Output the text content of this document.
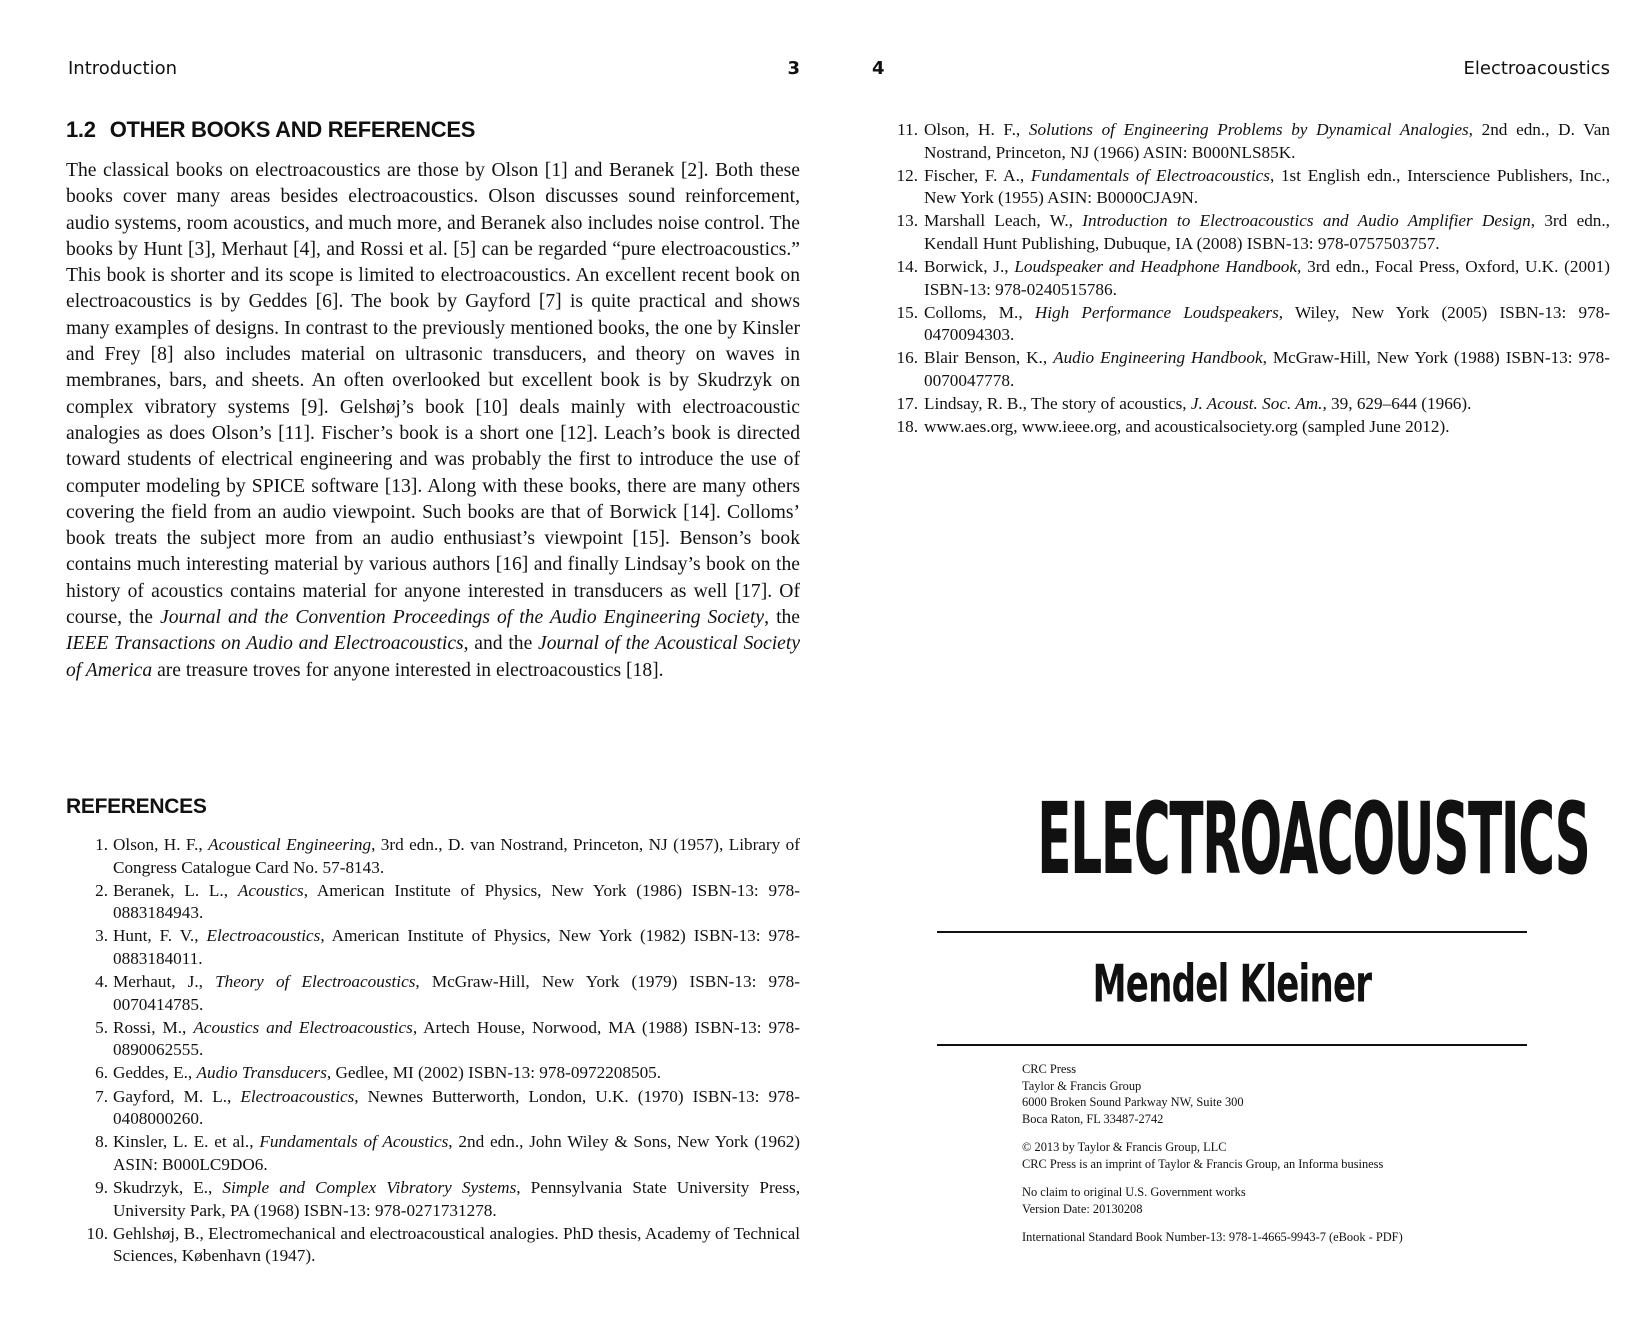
Introduction	3
1.2 OTHER BOOKS AND REFERENCES

The classical books on electroacoustics are those by Olson [1] and Beranek [2]. Both these books cover many areas besides electroacoustics. Olson discusses sound reinforcement, audio systems, room acoustics, and much more, and Beranek also includes noise control. The books by Hunt [3], Merhaut [4], and Rossi et al. [5] can be regarded “pure electroacoustics.” This book is shorter and its scope is limited to electroacoustics. An excellent recent book on electroacoustics is by Geddes [6]. The book by Gayford [7] is quite practical and shows many examples of designs. In contrast to the previously mentioned books, the one by Kinsler and Frey [8] also includes material on ultrasonic transducers, and theory on waves in membranes, bars, and sheets. An often overlooked but excellent book is by Skudrzyk on complex vibratory systems [9]. Gelshøj’s book [10] deals mainly with electroacoustic analogies as does Olson’s [11]. Fischer’s book is a short one [12]. Leach’s book is directed toward students of electrical engineering and was probably the first to introduce the use of computer modeling by SPICE software [13]. Along with these books, there are many others covering the field from an audio viewpoint. Such books are that of Borwick [14]. Colloms’ book treats the subject more from an audio enthusiast’s viewpoint [15]. Benson’s book contains much interesting material by various authors [16] and finally Lindsay’s book on the history of acoustics contains material for anyone interested in transducers as well [17]. Of course, the Journal and the Convention Proceedings of the Audio Engineering Society, the IEEE Transactions on Audio and Electroacoustics, and the Journal of the Acoustical Society of America are treasure troves for anyone interested in electroacoustics [18].

REFERENCES
1. Olson, H. F., Acoustical Engineering, 3rd edn., D. van Nostrand, Princeton, NJ (1957), Library of Congress Catalogue Card No. 57-8143.
2. Beranek, L. L., Acoustics, American Institute of Physics, New York (1986) ISBN-13: 978-0883184943.
3. Hunt, F. V., Electroacoustics, American Institute of Physics, New York (1982) ISBN-13: 978-0883184011.
4. Merhaut, J., Theory of Electroacoustics, McGraw-Hill, New York (1979) ISBN-13: 978-0070414785.
5. Rossi, M., Acoustics and Electroacoustics, Artech House, Norwood, MA (1988) ISBN-13: 978-0890062555.
6. Geddes, E., Audio Transducers, Gedlee, MI (2002) ISBN-13: 978-0972208505.
7. Gayford, M. L., Electroacoustics, Newnes Butterworth, London, U.K. (1970) ISBN-13: 978-0408000260.
8. Kinsler, L. E. et al., Fundamentals of Acoustics, 2nd edn., John Wiley & Sons, New York (1962) ASIN: B000LC9DO6.
9. Skudrzyk, E., Simple and Complex Vibratory Systems, Pennsylvania State University Press, University Park, PA (1968) ISBN-13: 978-0271731278.
10. Gehlshøj, B., Electromechanical and electroacoustical analogies. PhD thesis, Academy of Technical Sciences, København (1947).
4	Electroacoustics
11. Olson, H. F., Solutions of Engineering Problems by Dynamical Analogies, 2nd edn., D. Van Nostrand, Princeton, NJ (1966) ASIN: B000NLS85K.
12. Fischer, F. A., Fundamentals of Electroacoustics, 1st English edn., Interscience Publishers, Inc., New York (1955) ASIN: B0000CJA9N.
13. Marshall Leach, W., Introduction to Electroacoustics and Audio Amplifier Design, 3rd edn., Kendall Hunt Publishing, Dubuque, IA (2008) ISBN-13: 978-0757503757.
14. Borwick, J., Loudspeaker and Headphone Handbook, 3rd edn., Focal Press, Oxford, U.K. (2001) ISBN-13: 978-0240515786.
15. Colloms, M., High Performance Loudspeakers, Wiley, New York (2005) ISBN-13: 978-0470094303.
16. Blair Benson, K., Audio Engineering Handbook, McGraw-Hill, New York (1988) ISBN-13: 978-0070047778.
17. Lindsay, R. B., The story of acoustics, J. Acoust. Soc. Am., 39, 629–644 (1966).
18. www.aes.org, www.ieee.org, and acousticalsociety.org (sampled June 2012).
ELECTROACOUSTICS
Mendel Kleiner
CRC Press
Taylor & Francis Group
6000 Broken Sound Parkway NW, Suite 300
Boca Raton, FL 33487-2742
© 2013 by Taylor & Francis Group, LLC
CRC Press is an imprint of Taylor & Francis Group, an Informa business
No claim to original U.S. Government works
Version Date: 20130208
International Standard Book Number-13: 978-1-4665-9943-7 (eBook - PDF)
